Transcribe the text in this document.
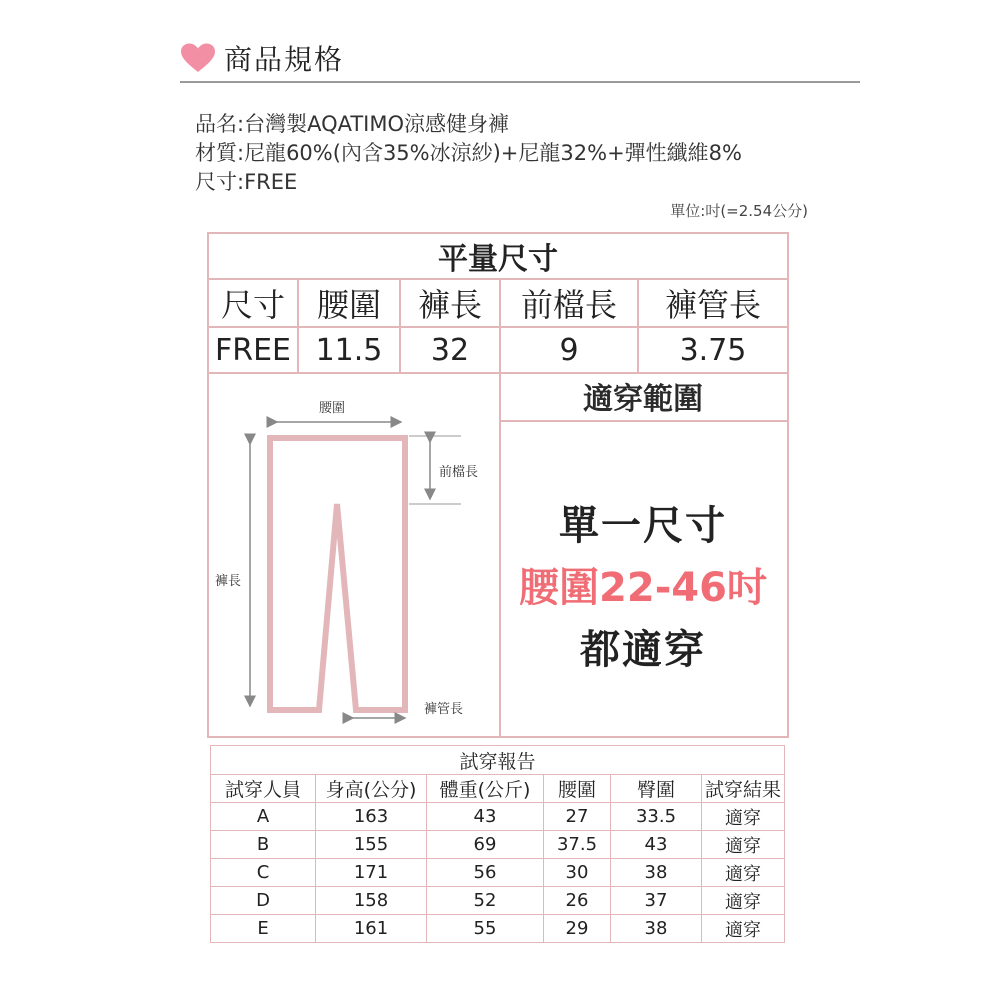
商品規格
品名:台灣製AQATIMO涼感健身褲
材質:尼龍60%(內含35%冰涼紗)+尼龍32%+彈性纖維8%
尺寸:FREE
單位:吋(=2.54公分)
平量尺寸				
尺寸	腰圍	褲長	前檔長	褲管長
FREE	11.5	32	9	3.75
腰圍
前檔長
褲長
褲管長
適穿範圍
單一尺寸
腰圍22-46吋
都適穿
試穿報告					
試穿人員	身高(公分)	體重(公斤)	腰圍	臀圍	試穿結果
A	163	43	27	33.5	適穿
B	155	69	37.5	43	適穿
C	171	56	30	38	適穿
D	158	52	26	37	適穿
E	161	55	29	38	適穿
